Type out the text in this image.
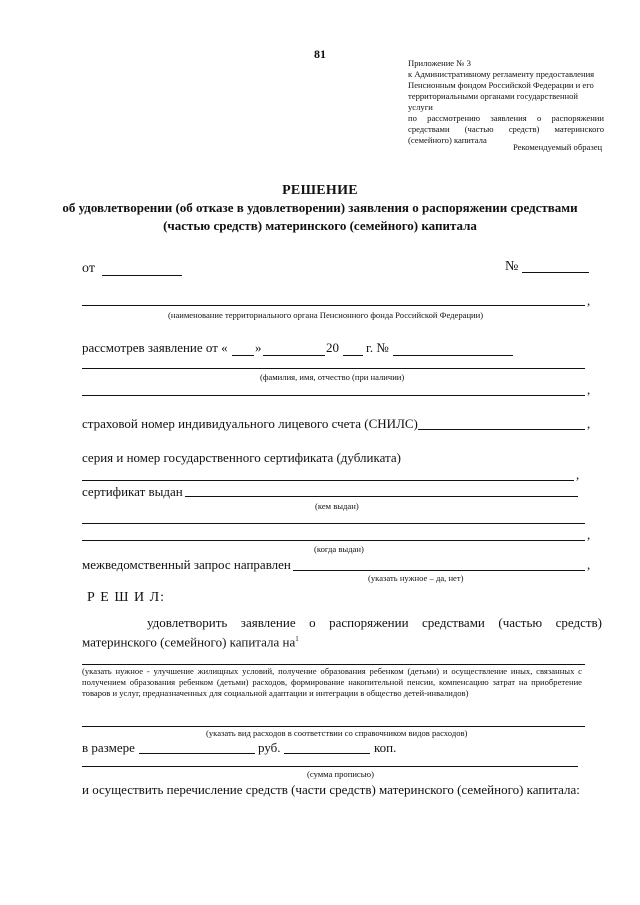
81
Приложение № 3
к Административному регламенту предоставления
Пенсионным фондом Российской Федерации и его
территориальными органами государственной услуги
по рассмотрению заявления о распоряжении
средствами (частью средств) материнского
(семейного) капитала
Рекомендуемый образец
РЕШЕНИЕ
об удовлетворении (об отказе в удовлетворении) заявления о распоряжении средствами
(частью средств) материнского (семейного) капитала
от	№
,
(наименование территориального органа Пенсионного фонда Российской Федерации)
рассмотрев заявление от « »	20 г. №
(фамилия, имя, отчество (при наличии)
,
страховой номер индивидуального лицевого счета (СНИЛС)	,
серия и номер государственного сертификата (дубликата)
,
сертификат выдан
(кем выдан)
,
(когда выдан)
межведомственный запрос направлен	,
(указать нужное – да, нет)
Р Е Ш И Л:
удовлетворить заявление о распоряжении средствами (частью средств) материнского (семейного) капитала $на^1$
(указать нужное - улучшение жилищных условий, получение образования ребенком (детьми) и осуществление иных, связанных с получением образования ребенком (детьми) расходов, формирование накопительной пенсии, компенсацию затрат на приобретение товаров и услуг, предназначенных для социальной адаптации и интеграции в общество детей-инвалидов)
(указать вид расходов в соответствии со справочником видов расходов)
в размере	руб.	коп.
(сумма прописью)
и осуществить перечисление средств (части средств) материнского (семейного) капитала:
